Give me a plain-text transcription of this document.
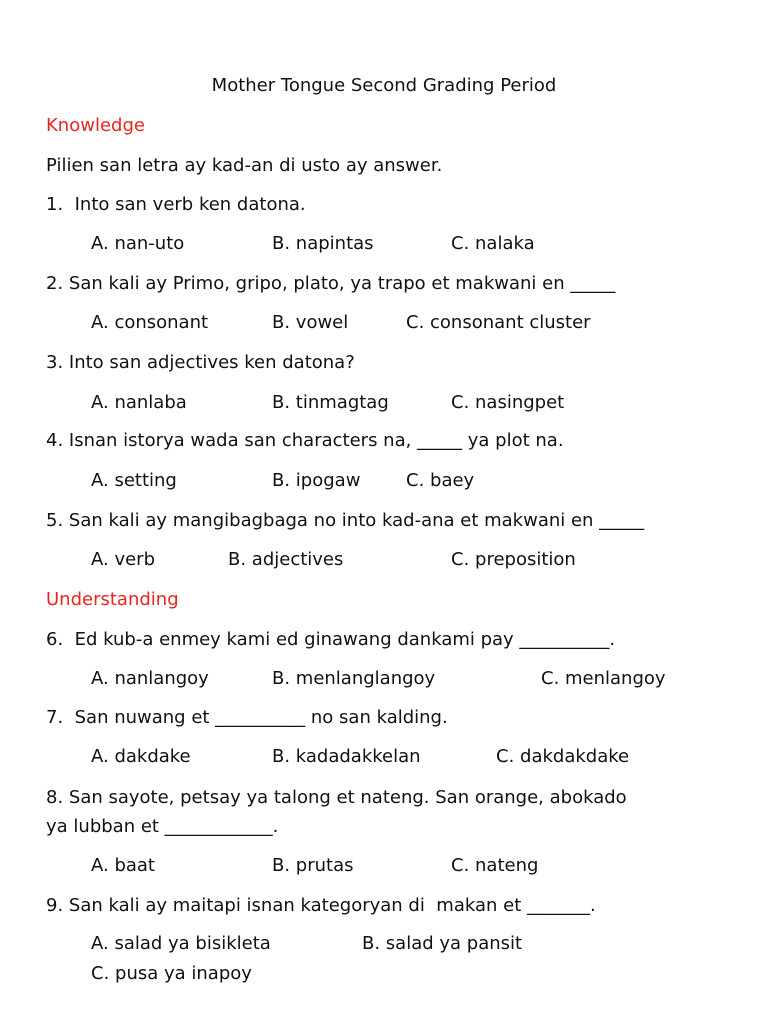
Mother Tongue Second Grading Period
Knowledge
Pilien san letra ay kad-an di usto ay answer.
1.  Into san verb ken datona.
A. nan-uto	B. napintas	C. nalaka
2. San kali ay Primo, gripo, plato, ya trapo et makwani en _____
A. consonant	B. vowel	C. consonant cluster
3. Into san adjectives ken datona?
A. nanlaba	B. tinmagtag	C. nasingpet
4. Isnan istorya wada san characters na, _____ ya plot na.
A. setting	B. ipogaw	C. baey
5. San kali ay mangibagbaga no into kad-ana et makwani en _____
A. verb	B. adjectives	C. preposition
Understanding
6.  Ed kub-a enmey kami ed ginawang dankami pay __________.
A. nanlangoy	B. menlanglangoy	C. menlangoy
7.  San nuwang et __________ no san kalding.
A. dakdake	B. kadadakkelan	C. dakdakdake
8. San sayote, petsay ya talong et nateng. San orange, abokado
ya lubban et ____________.
A. baat	B. prutas	C. nateng
9. San kali ay maitapi isnan kategoryan di  makan et _______.
A. salad ya bisikleta	B. salad ya pansit
C. pusa ya inapoy
